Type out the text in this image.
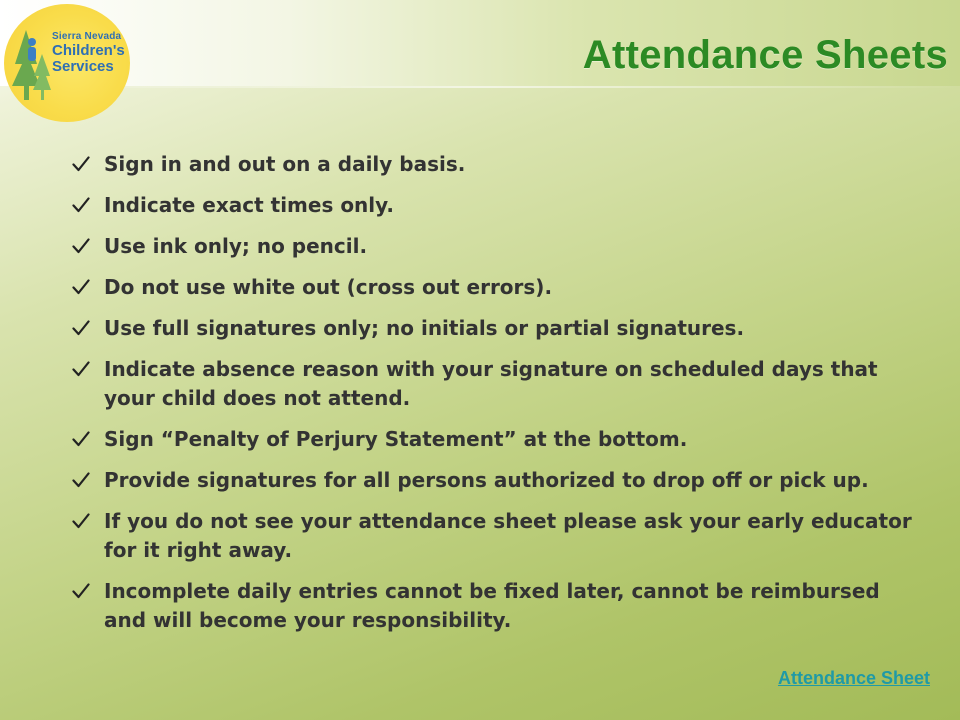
Sierra Nevada
Children's
Services	Attendance Sheets
Sign in and out on a daily basis.
Indicate exact times only.
Use ink only; no pencil.
Do not use white out (cross out errors).
Use full signatures only; no initials or partial signatures.
Indicate absence reason with your signature on scheduled days that your child does not attend.
Sign “Penalty of Perjury Statement” at the bottom.
Provide signatures for all persons authorized to drop off or pick up.
If you do not see your attendance sheet please ask your early educator for it right away.
Incomplete daily entries cannot be fixed later, cannot be reimbursed and will become your responsibility.
Attendance Sheet
